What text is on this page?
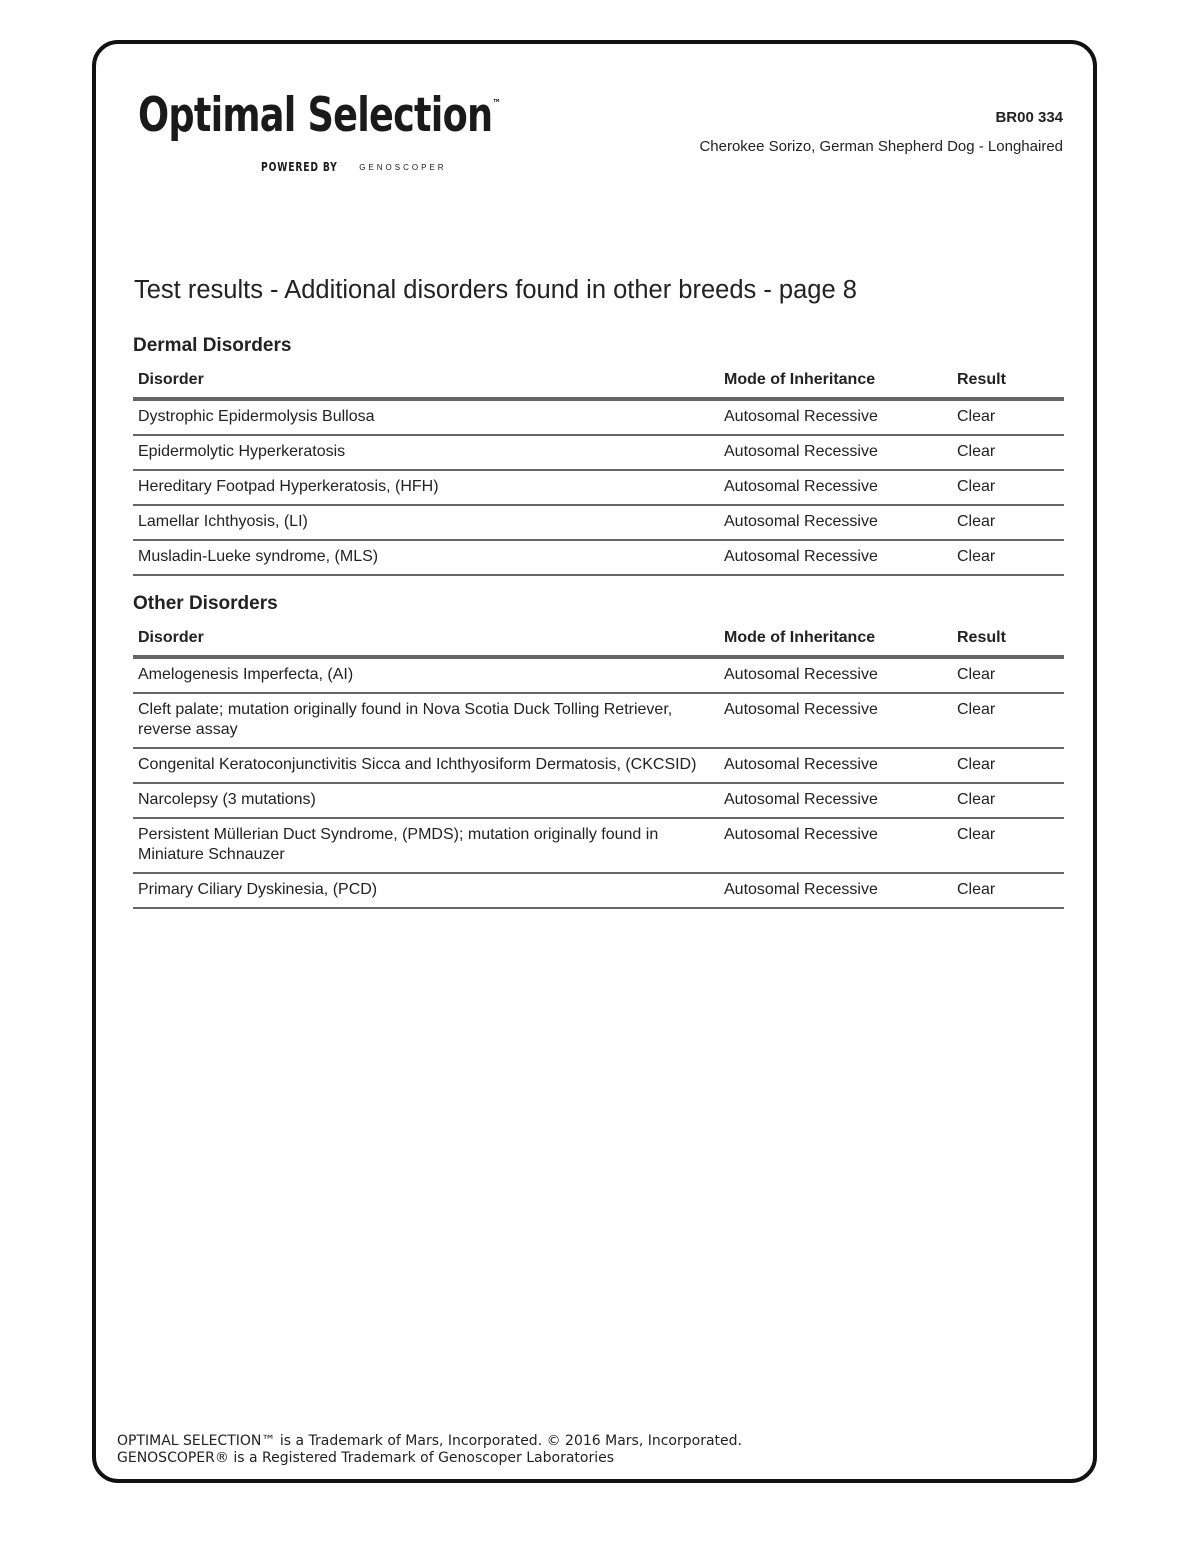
Optimal Selection™
POWERED BY	GENOSCOPER
BR00 334
Cherokee Sorizo, German Shepherd Dog - Longhaired
Test results - Additional disorders found in other breeds - page 8
Dermal Disorders
Disorder	Mode of Inheritance	Result
Dystrophic Epidermolysis Bullosa	Autosomal Recessive	Clear
Epidermolytic Hyperkeratosis	Autosomal Recessive	Clear
Hereditary Footpad Hyperkeratosis, (HFH)	Autosomal Recessive	Clear
Lamellar Ichthyosis, (LI)	Autosomal Recessive	Clear
Musladin-Lueke syndrome, (MLS)	Autosomal Recessive	Clear
Other Disorders
Disorder	Mode of Inheritance	Result
Amelogenesis Imperfecta, (AI)	Autosomal Recessive	Clear
Cleft palate; mutation originally found in Nova Scotia Duck Tolling Retriever, reverse assay	Autosomal Recessive	Clear
Congenital Keratoconjunctivitis Sicca and Ichthyosiform Dermatosis, (CKCSID)	Autosomal Recessive	Clear
Narcolepsy (3 mutations)	Autosomal Recessive	Clear
Persistent Müllerian Duct Syndrome, (PMDS); mutation originally found in Miniature Schnauzer	Autosomal Recessive	Clear
Primary Ciliary Dyskinesia, (PCD)	Autosomal Recessive	Clear
OPTIMAL SELECTION™ is a Trademark of Mars, Incorporated. © 2016 Mars, Incorporated.
GENOSCOPER® is a Registered Trademark of Genoscoper Laboratories
